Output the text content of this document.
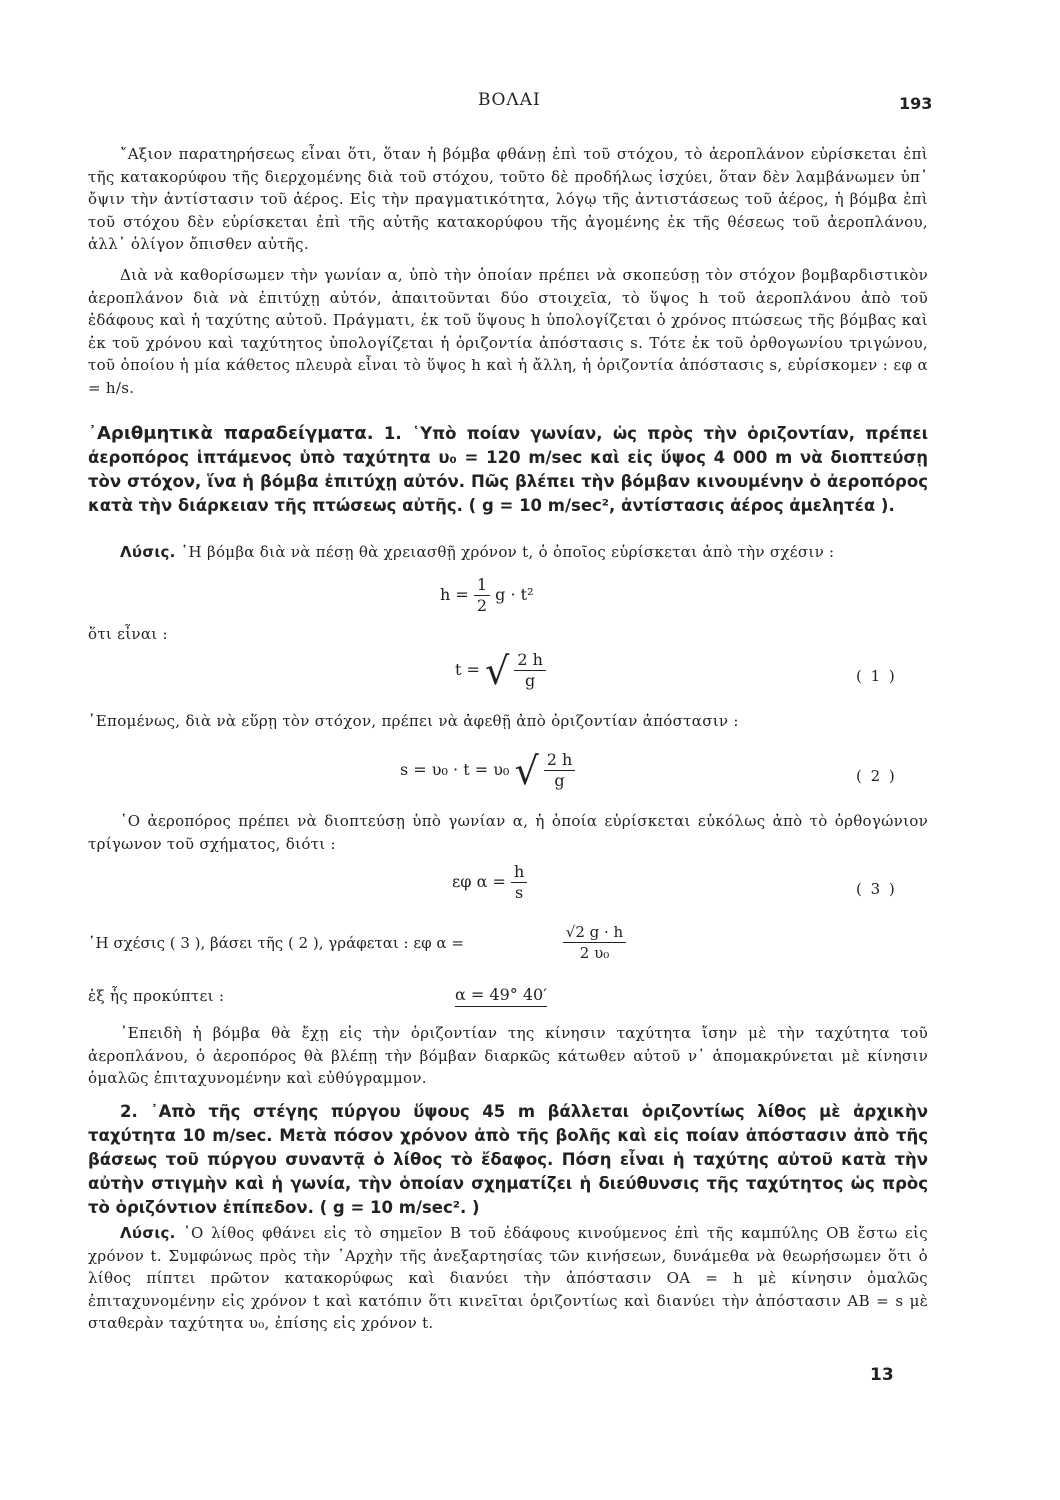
ΒΟΛΑΙ	193
῎Αξιον παρατηρήσεως εἶναι ὅτι, ὅταν ἡ βόμβα φθάνῃ ἐπὶ τοῦ στόχου, τὸ ἀεροπλάνον εὑρίσκεται ἐπὶ τῆς κατακορύφου τῆς διερχομένης διὰ τοῦ στόχου, τοῦτο δὲ προδήλως ἰσχύει, ὅταν δὲν λαμβάνωμεν ὑπ᾽ ὄψιν τὴν ἀντίστασιν τοῦ ἀέρος. Εἰς τὴν πραγματικότητα, λόγῳ τῆς ἀντιστάσεως τοῦ ἀέρος, ἡ βόμβα ἐπὶ τοῦ στόχου δὲν εὑρίσκεται ἐπὶ τῆς αὐτῆς κατακορύφου τῆς ἀγομένης ἐκ τῆς θέσεως τοῦ ἀεροπλάνου, ἀλλ᾽ ὀλίγον ὄπισθεν αὐτῆς.
Διὰ νὰ καθορίσωμεν τὴν γωνίαν α, ὑπὸ τὴν ὁποίαν πρέπει νὰ σκοπεύσῃ τὸν στόχον βομβαρδιστικὸν ἀεροπλάνον διὰ νὰ ἐπιτύχῃ αὐτόν, ἀπαιτοῦνται δύο στοιχεῖα, τὸ ὕψος h τοῦ ἀεροπλάνου ἀπὸ τοῦ ἐδάφους καὶ ἡ ταχύτης αὐτοῦ. Πράγματι, ἐκ τοῦ ὕψους h ὑπολογίζεται ὁ χρόνος πτώσεως τῆς βόμβας καὶ ἐκ τοῦ χρόνου καὶ ταχύτητος ὑπολογίζεται ἡ ὁριζοντία ἀπόστασις s. Τότε ἐκ τοῦ ὀρθογωνίου τριγώνου, τοῦ ὁποίου ἡ μία κάθετος πλευρὰ εἶναι τὸ ὕψος h καὶ ἡ ἄλλη, ἡ ὁριζοντία ἀπόστασις s, εὑρίσκομεν : εφ α = h/s.
᾿Αριθμητικὰ παραδείγματα. 1. ῾Υπὸ ποίαν γωνίαν, ὡς πρὸς τὴν ὁριζοντίαν, πρέπει ἀεροπόρος ἱπτάμενος ὑπὸ ταχύτητα υ₀ = 120 m/sec καὶ εἰς ὕψος 4 000 m νὰ διοπτεύσῃ τὸν στόχον, ἵνα ἡ βόμβα ἐπιτύχῃ αὐτόν. Πῶς βλέπει τὴν βόμβαν κινουμένην ὁ ἀεροπόρος κατὰ τὴν διάρκειαν τῆς πτώσεως αὐτῆς. ( g = 10 m/sec², ἀντίστασις ἀέρος ἀμελητέα ).
Λύσις. ῾Η βόμβα διὰ νὰ πέσῃ θὰ χρειασθῇ χρόνον t, ὁ ὁποῖος εὑρίσκεται ἀπὸ τὴν σχέσιν :
$h = \frac{1}{2}$ g · t²
ὅτι εἶναι :
t = √ $\frac{2 h}{g}$	( 1 )
῾Επομένως, διὰ νὰ εὕρῃ τὸν στόχον, πρέπει νὰ ἀφεθῇ ἀπὸ ὁριζοντίαν ἀπόστασιν :
s = υ₀ · t = υ₀ √ $\frac{2 h}{g}$	( 2 )
῾Ο ἀεροπόρος πρέπει νὰ διοπτεύσῃ ὑπὸ γωνίαν α, ἡ ὁποία εὑρίσκεται εὐκόλως ἀπὸ τὸ ὀρθογώνιον τρίγωνον τοῦ σχήματος, διότι :
εφ $\alpha = \frac{h}{s}$	( 3 )
῾Η σχέσις ( 3 ), βάσει τῆς ( 2 ), γράφεται : εφ α =	$\frac{√2 g \cdot h}{\text{2 υ₀}}$
ἐξ ἧς προκύπτει :	α = 49° 40′
᾿Επειδὴ ἡ βόμβα θὰ ἔχῃ εἰς τὴν ὁριζοντίαν της κίνησιν ταχύτητα ἴσην μὲ τὴν ταχύτητα τοῦ ἀεροπλάνου, ὁ ἀεροπόρος θὰ βλέπῃ τὴν βόμβαν διαρκῶς κάτωθεν αὐτοῦ ν᾽ ἀπομακρύνεται μὲ κίνησιν ὁμαλῶς ἐπιταχυνομένην καὶ εὐθύγραμμον.
2. ᾿Απὸ τῆς στέγης πύργου ὕψους 45 m βάλλεται ὁριζοντίως λίθος μὲ ἀρχικὴν ταχύτητα 10 m/sec. Μετὰ πόσον χρόνον ἀπὸ τῆς βολῆς καὶ εἰς ποίαν ἀπόστασιν ἀπὸ τῆς βάσεως τοῦ πύργου συναντᾷ ὁ λίθος τὸ ἔδαφος. Πόση εἶναι ἡ ταχύτης αὐτοῦ κατὰ τὴν αὐτὴν στιγμὴν καὶ ἡ γωνία, τὴν ὁποίαν σχηματίζει ἡ διεύθυνσις τῆς ταχύτητος ὡς πρὸς τὸ ὁριζόντιον ἐπίπεδον. ( g = 10 m/sec². )
Λύσις. ῾Ο λίθος φθάνει εἰς τὸ σημεῖον Β τοῦ ἐδάφους κινούμενος ἐπὶ τῆς καμπύλης ΟΒ ἔστω εἰς χρόνον t. Συμφώνως πρὸς τὴν ᾿Αρχὴν τῆς ἀνεξαρτησίας τῶν κινήσεων, δυνάμεθα νὰ θεωρήσωμεν ὅτι ὁ λίθος πίπτει πρῶτον κατακορύφως καὶ διανύει τὴν ἀπόστασιν ΟΑ = h μὲ κίνησιν ὁμαλῶς ἐπιταχυνομένην εἰς χρόνον t καὶ κατόπιν ὅτι κινεῖται ὁριζοντίως καὶ διανύει τὴν ἀπόστασιν ΑΒ = s μὲ σταθερὰν ταχύτητα υ₀, ἐπίσης εἰς χρόνον t.
13
